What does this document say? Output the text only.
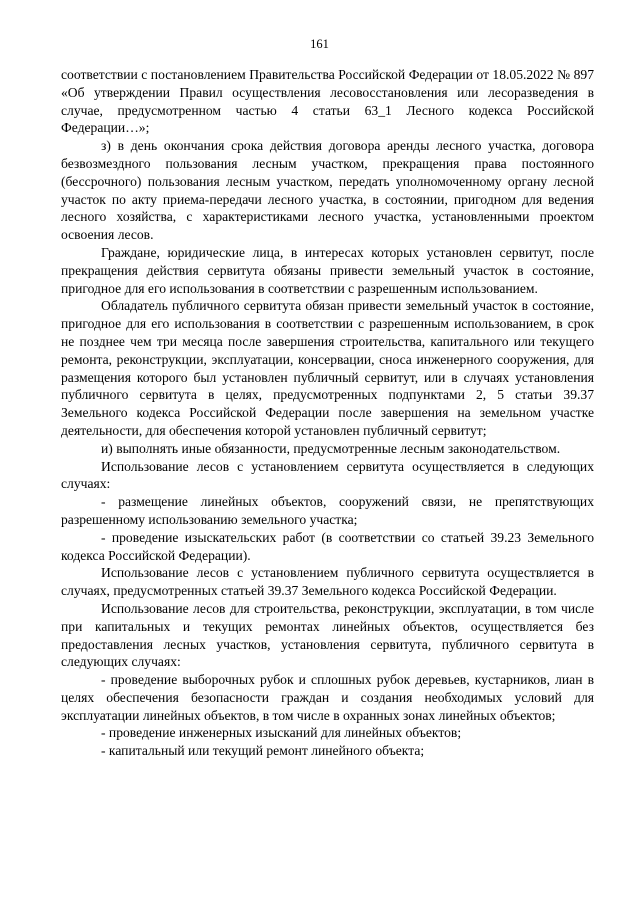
161

соответствии с постановлением Правительства Российской Федерации от 18.05.2022 № 897 «Об утверждении Правил осуществления лесовосстановления или лесоразведения в случае, предусмотренном частью 4 статьи 63_1 Лесного кодекса Российской Федерации…»;

з) в день окончания срока действия договора аренды лесного участка, договора безвозмездного пользования лесным участком, прекращения права постоянного (бессрочного) пользования лесным участком, передать уполномоченному органу лесной участок по акту приема-передачи лесного участка, в состоянии, пригодном для ведения лесного хозяйства, с характеристиками лесного участка, установленными проектом освоения лесов.

Граждане, юридические лица, в интересах которых установлен сервитут, после прекращения действия сервитута обязаны привести земельный участок в состояние, пригодное для его использования в соответствии с разрешенным использованием.

Обладатель публичного сервитута обязан привести земельный участок в состояние, пригодное для его использования в соответствии с разрешенным использованием, в срок не позднее чем три месяца после завершения строительства, капитального или текущего ремонта, реконструкции, эксплуатации, консервации, сноса инженерного сооружения, для размещения которого был установлен публичный сервитут, или в случаях установления публичного сервитута в целях, предусмотренных подпунктами 2, 5 статьи 39.37 Земельного кодекса Российской Федерации после завершения на земельном участке деятельности, для обеспечения которой установлен публичный сервитут;

и) выполнять иные обязанности, предусмотренные лесным законодательством.

Использование лесов с установлением сервитута осуществляется в следующих случаях:

- размещение линейных объектов, сооружений связи, не препятствующих разрешенному использованию земельного участка;

- проведение изыскательских работ (в соответствии со статьей 39.23 Земельного кодекса Российской Федерации).

Использование лесов с установлением публичного сервитута осуществляется в случаях, предусмотренных статьей 39.37 Земельного кодекса Российской Федерации.

Использование лесов для строительства, реконструкции, эксплуатации, в том числе при капитальных и текущих ремонтах линейных объектов, осуществляется без предоставления лесных участков, установления сервитута, публичного сервитута в следующих случаях:

- проведение выборочных рубок и сплошных рубок деревьев, кустарников, лиан в целях обеспечения безопасности граждан и создания необходимых условий для эксплуатации линейных объектов, в том числе в охранных зонах линейных объектов;

- проведение инженерных изысканий для линейных объектов;

- капитальный или текущий ремонт линейного объекта;
